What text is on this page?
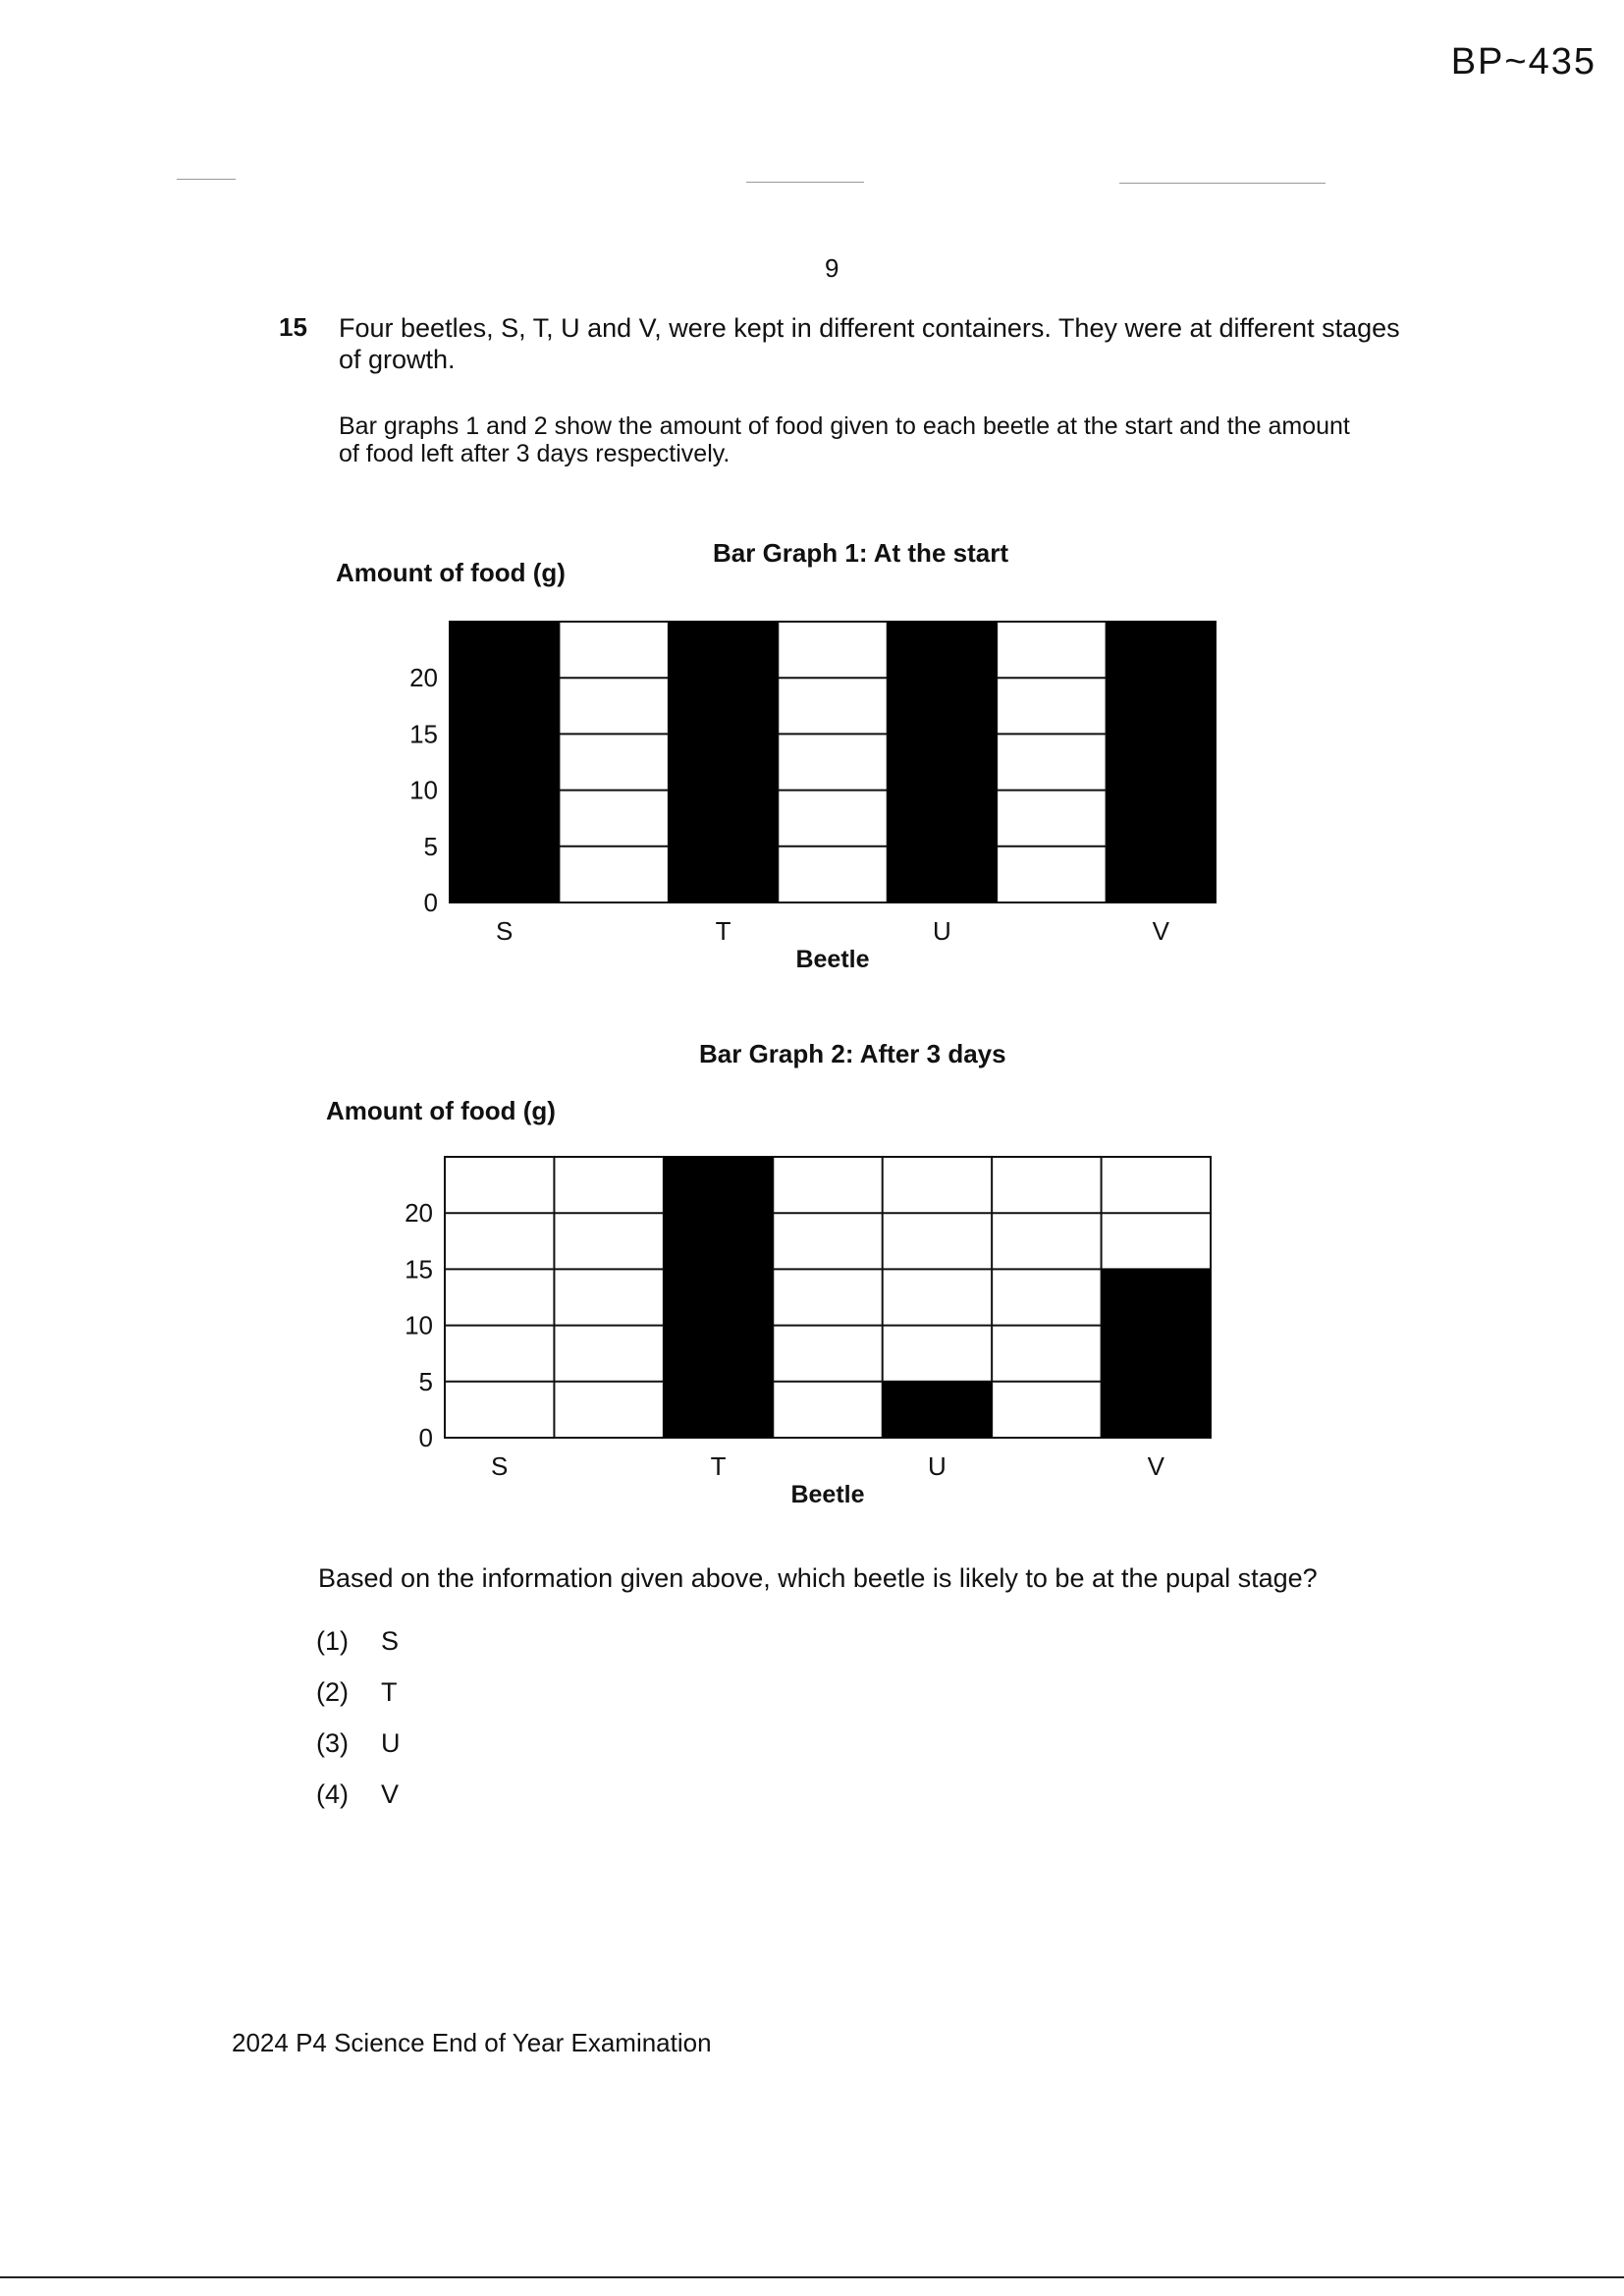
BP~435
9
15 Four beetles, S, T, U and V, were kept in different containers. They were at different stages of growth.
Bar graphs 1 and 2 show the amount of food given to each beetle at the start and the amount of food left after 3 days respectively.
Amount of food (g)
Bar Graph 1: At the start
0
5
10
15
20
S	T	U	V
Beetle
Bar Graph 2: After 3 days
Amount of food (g)
0
5
10
15
20
S	T	U	V
Beetle
Based on the information given above, which beetle is likely to be at the pupal stage?
(1)	S
(2)	T
(3)	U
(4)	V
2024 P4 Science End of Year Examination
